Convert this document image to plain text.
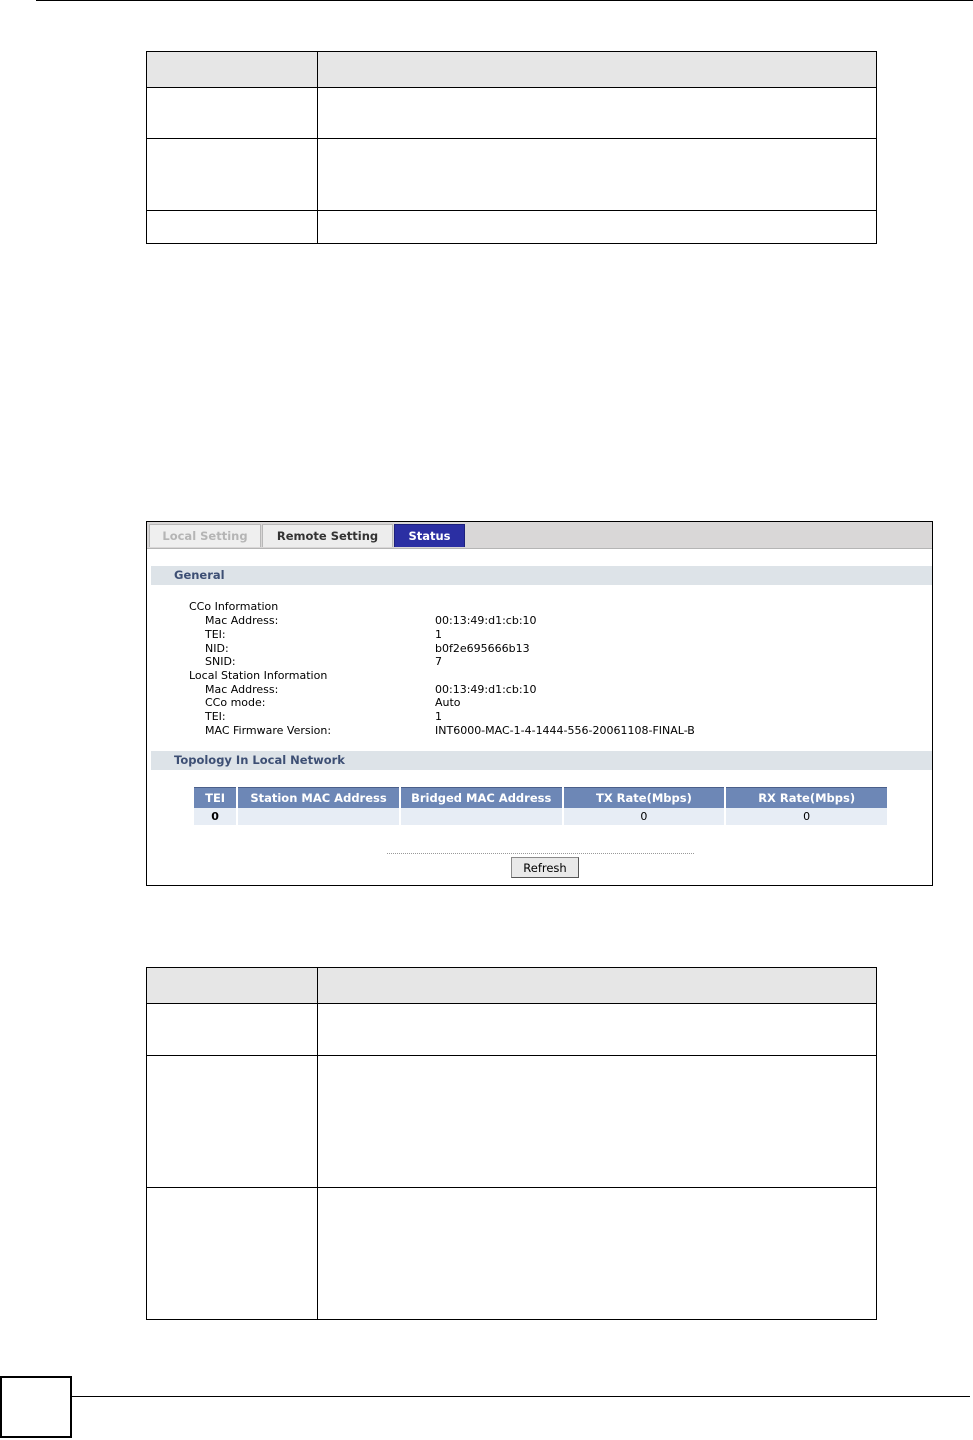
Local Setting	Remote Setting	Status
General
CCo Information
Mac Address:	00:13:49:d1:cb:10
TEI:	1
NID:	b0f2e695666b13
SNID:	7
Local Station Information
Mac Address:	00:13:49:d1:cb:10
CCo mode:	Auto
TEI:	1
MAC Firmware Version:	INT6000-MAC-1-4-1444-556-20061108-FINAL-B
Topology In Local Network
TEI	Station MAC Address	Bridged MAC Address	TX Rate(Mbps)	RX Rate(Mbps)
0			0	0
Refresh
